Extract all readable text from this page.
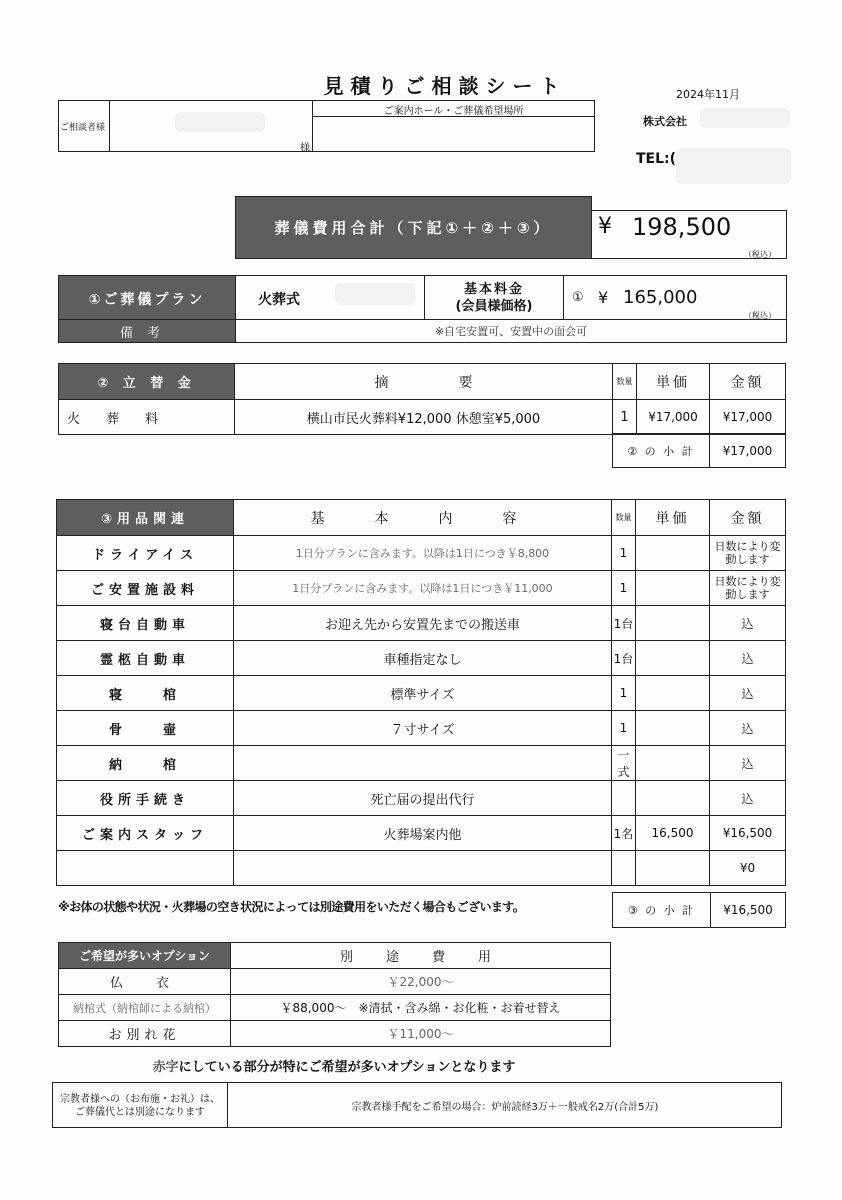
見積りご相談シート	2024年11月
ご相談者様
様
ご案内ホール・ご葬儀希望場所
株式会社
TEL:(
葬儀費用合計（下記①＋②＋③）	¥ 198,500
（税込）
①ご葬儀プラン
備考
火葬式
基本料金
(会員様価格)
① ¥ 165,000
（税込）
※自宅安置可、安置中の面会可
② 立 替 金	摘　　　　　要	数量	単価	金額
火　　葬　　料	横山市民火葬料¥12,000 休憩室¥5,000	1	¥17,000	¥17,000
② の 小 計	¥17,000
③用品関連	基　本　内　容	数量	単価	金額
ドライアイス	1日分プランに含みます。以降は1日につき￥8,800	1		日数により変動します
ご安置施設料	1日分プランに含みます。以降は1日につき￥11,000	1		日数により変動します
寝台自動車	お迎え先から安置先までの搬送車	1台		込
霊柩自動車	車種指定なし	1台		込
寝　　棺	標準サイズ	1		込
骨　　壷	７寸サイズ	1		込
納　　棺		一式		込
役所手続き	死亡届の提出代行			込
ご案内スタッフ	火葬場案内他	1名	16,500	¥16,500
				¥0
※お体の状態や状況・火葬場の空き状況によっては別途費用をいただく場合もございます。	③ の 小 計	¥16,500
ご希望が多いオプション	別　途　費　用
仏　衣	￥22,000～
納棺式（納棺師による納棺）	￥88,000～　※清拭・含み綿・お化粧・お着せ替え
お別れ花	￥11,000～
赤字にしている部分が特にご希望が多いオプションとなります
宗教者様への（お布施・お礼）は、ご葬儀代とは別途になります	宗教者様手配をご希望の場合：炉前読経3万＋一般戒名2万(合計5万)
